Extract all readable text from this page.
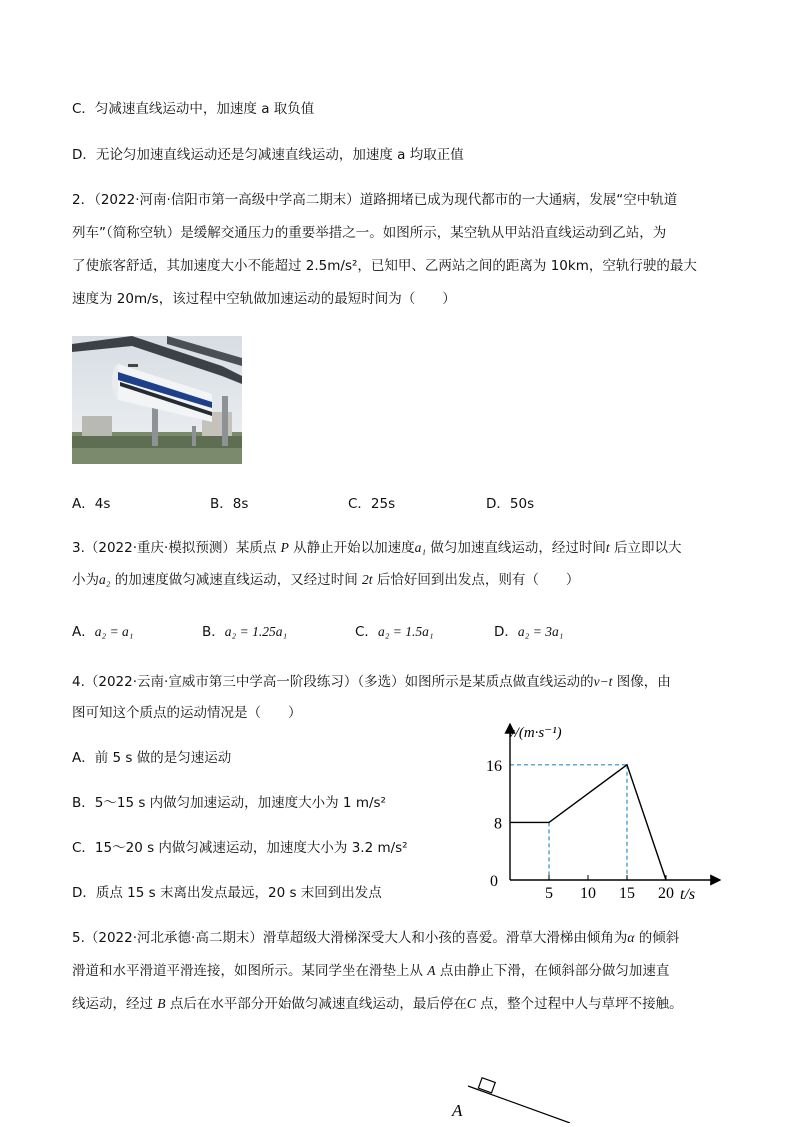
C．匀减速直线运动中，加速度 a 取负值
D．无论匀加速直线运动还是匀减速直线运动，加速度 a 均取正值
2．（2022·河南·信阳市第一高级中学高二期末）道路拥堵已成为现代都市的一大通病，发展“空中轨道
列车”（简称空轨）是缓解交通压力的重要举措之一。如图所示，某空轨从甲站沿直线运动到乙站，为
了使旅客舒适，其加速度大小不能超过 2.5m/s²，已知甲、乙两站之间的距离为 10km，空轨行驶的最大
速度为 20m/s，该过程中空轨做加速运动的最短时间为（　　）
A．4s	B．8s	C．25s	D．50s
3.（2022·重庆·模拟预测）某质点 P 从静止开始以加速度a₁ 做匀加速直线运动，经过时间t 后立即以大
小为a₂ 的加速度做匀减速直线运动，又经过时间 2t 后恰好回到出发点，则有（　　）
A．a₂ = a₁	B．a₂ = 1.25a₁	C．a₂ = 1.5a₁	D．a₂ = 3a₁
4.（2022·云南·宣威市第三中学高一阶段练习）（多选）如图所示是某质点做直线运动的v−t 图像，由
图可知这个质点的运动情况是（　　）
A．前 5 s 做的是匀速运动
B．5～15 s 内做匀加速运动，加速度大小为 1 m/s²
C．15～20 s 内做匀减速运动，加速度大小为 3.2 m/s²
D．质点 15 s 末离出发点最远，20 s 末回到出发点	5 10 15 20
8
16
v/(m·s⁻¹)
t/s
0
5.（2022·河北承德·高二期末）滑草超级大滑梯深受大人和小孩的喜爱。滑草大滑梯由倾角为α 的倾斜
滑道和水平滑道平滑连接，如图所示。某同学坐在滑垫上从 A 点由静止下滑，在倾斜部分做匀加速直
线运动，经过 B 点后在水平部分开始做匀减速直线运动，最后停在C 点，整个过程中人与草坪不接触。
A
